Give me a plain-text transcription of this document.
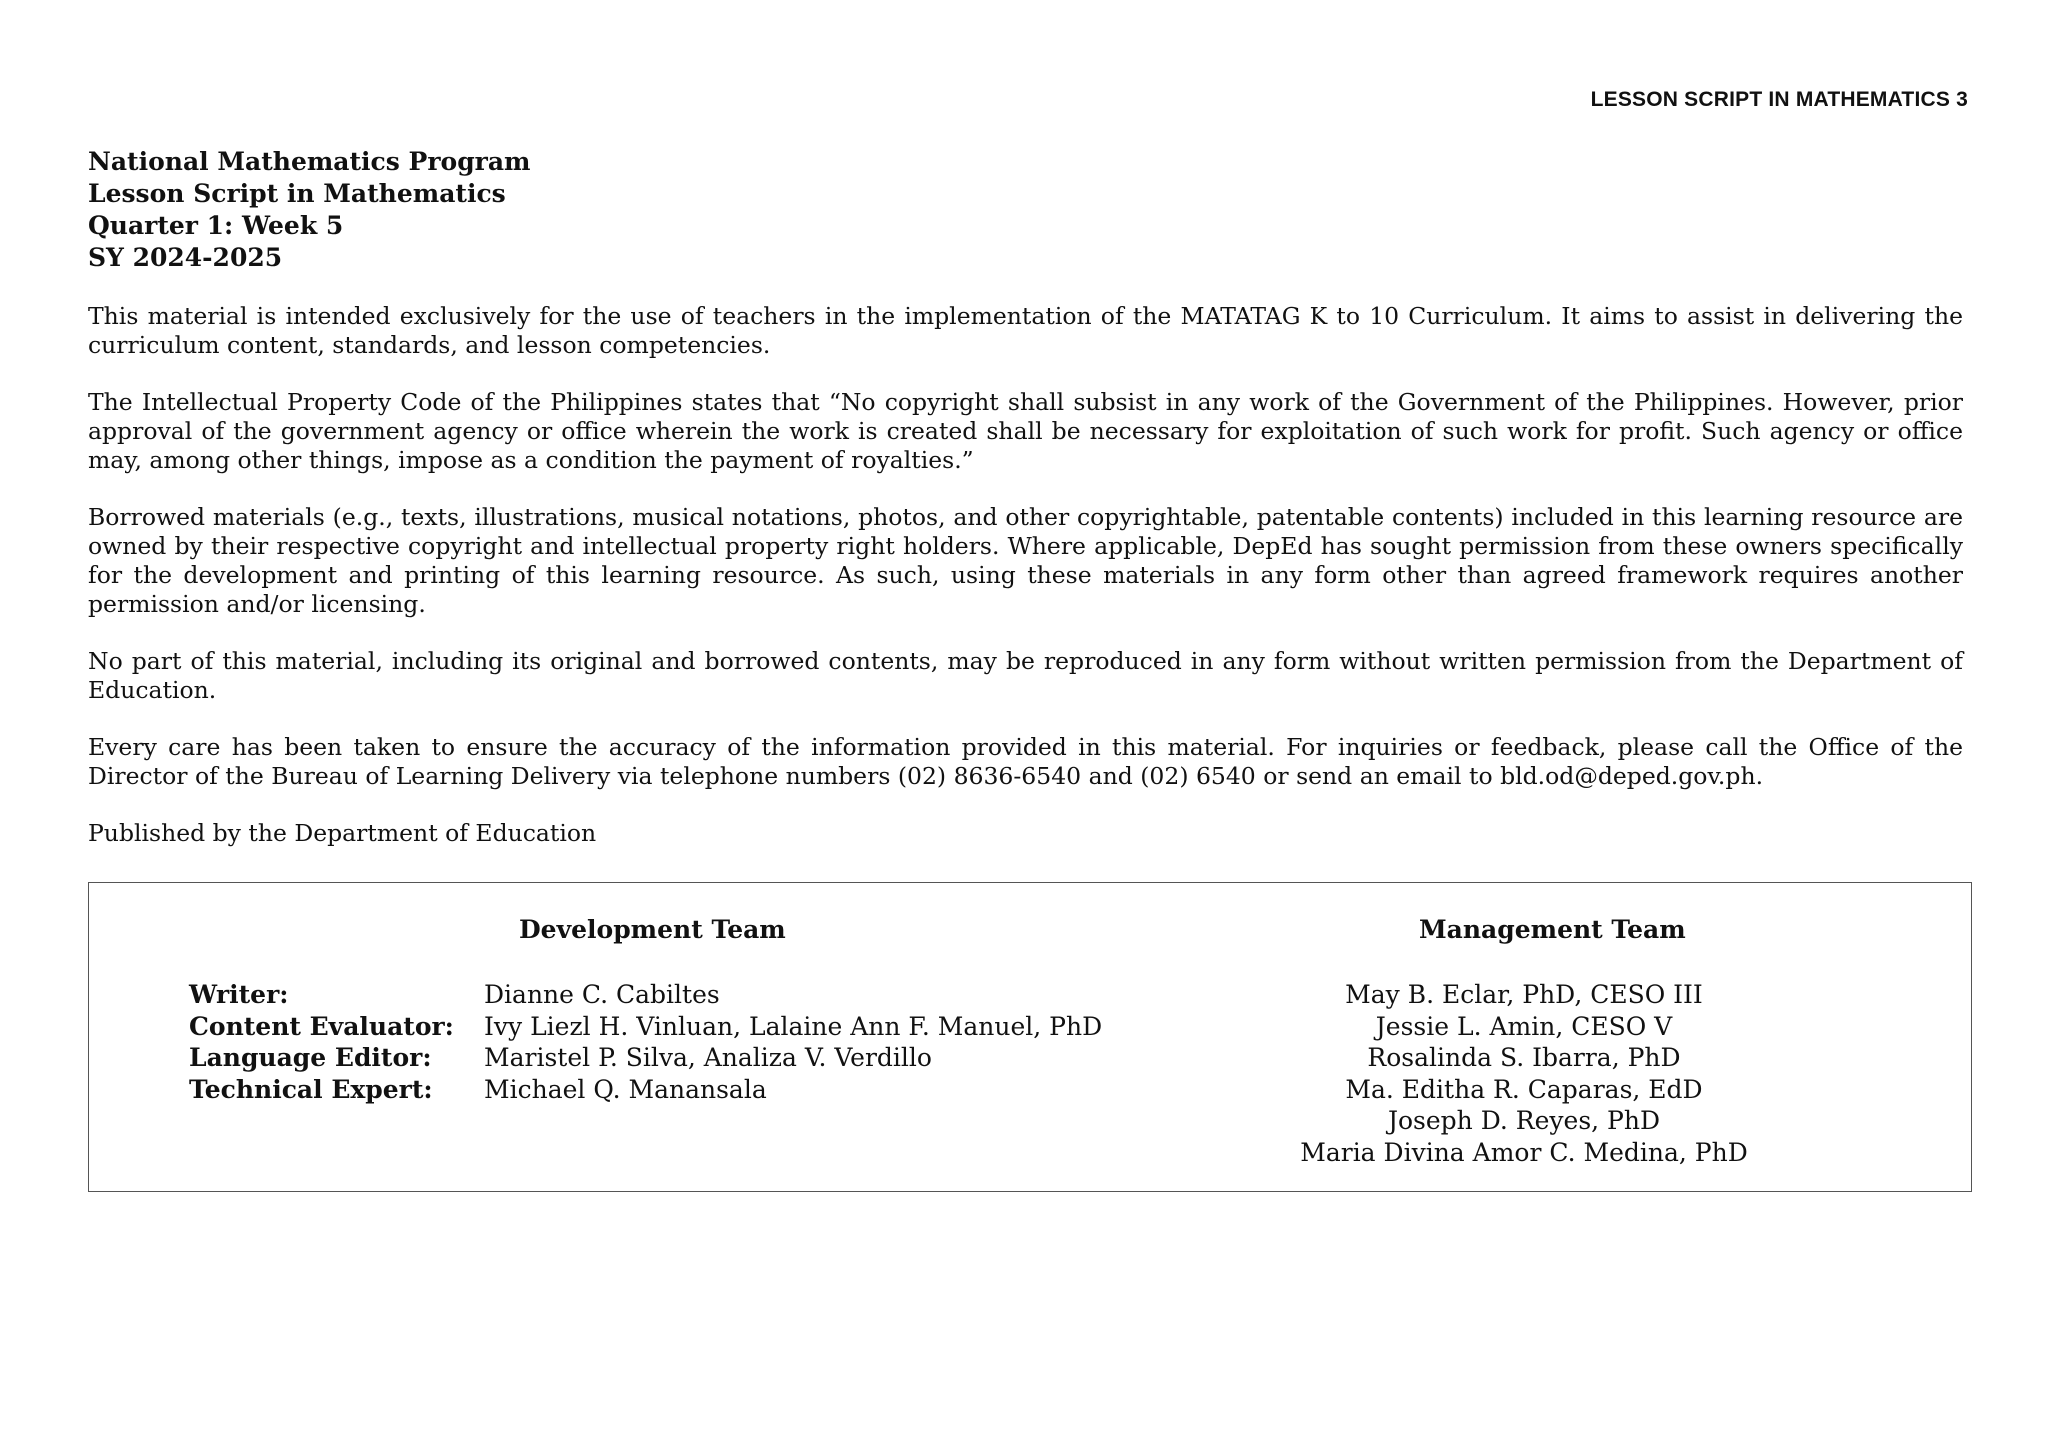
LESSON SCRIPT IN MATHEMATICS 3
National Mathematics Program
Lesson Script in Mathematics
Quarter 1: Week 5
SY 2024-2025

This material is intended exclusively for the use of teachers in the implementation of the MATATAG K to 10 Curriculum. It aims to assist in delivering the curriculum content, standards, and lesson competencies.

The Intellectual Property Code of the Philippines states that “No copyright shall subsist in any work of the Government of the Philippines. However, prior approval of the government agency or office wherein the work is created shall be necessary for exploitation of such work for profit. Such agency or office may, among other things, impose as a condition the payment of royalties.”

Borrowed materials (e.g., texts, illustrations, musical notations, photos, and other copyrightable, patentable contents) included in this learning resource are owned by their respective copyright and intellectual property right holders. Where applicable, DepEd has sought permission from these owners specifically for the development and printing of this learning resource. As such, using these materials in any form other than agreed framework requires another permission and/or licensing.

No part of this material, including its original and borrowed contents, may be reproduced in any form without written permission from the Department of Education.

Every care has been taken to ensure the accuracy of the information provided in this material. For inquiries or feedback, please call the Office of the Director of the Bureau of Learning Delivery via telephone numbers (02) 8636-6540 and (02) 6540 or send an email to bld.od@deped.gov.ph.

Published by the Department of Education

Development Team	Management Team
Writer:	Dianne C. Cabiltes
Content Evaluator:	Ivy Liezl H. Vinluan, Lalaine Ann F. Manuel, PhD
Language Editor:	Maristel P. Silva, Analiza V. Verdillo
Technical Expert:	Michael Q. Manansala
May B. Eclar, PhD, CESO III
Jessie L. Amin, CESO V
Rosalinda S. Ibarra, PhD
Ma. Editha R. Caparas, EdD
Joseph D. Reyes, PhD
Maria Divina Amor C. Medina, PhD
